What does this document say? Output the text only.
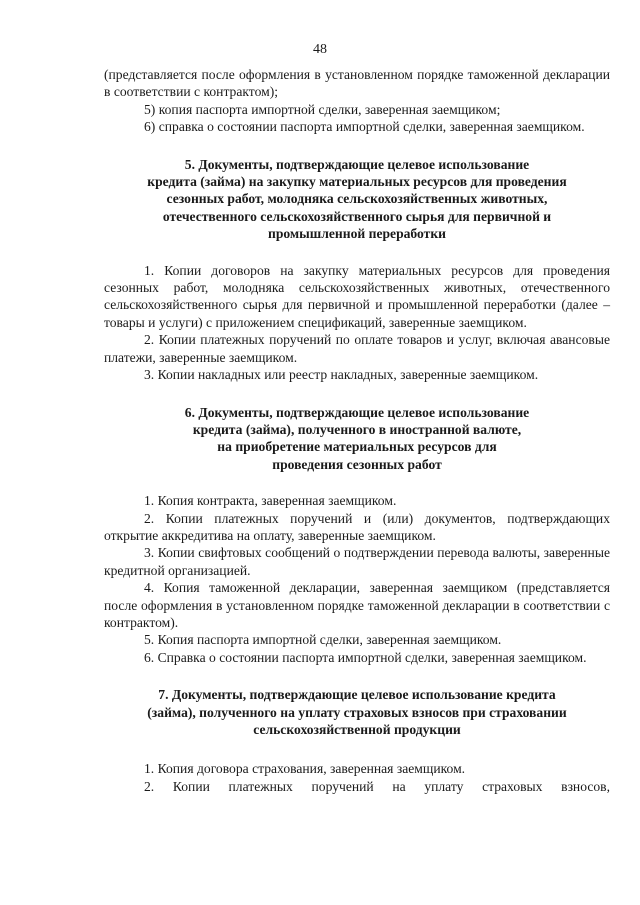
48

(представляется после оформления в установленном порядке таможенной декларации в соответствии с контрактом);

5) копия паспорта импортной сделки, заверенная заемщиком;

6) справка о состоянии паспорта импортной сделки, заверенная заемщиком.

5. Документы, подтверждающие целевое использование
кредита (займа) на закупку материальных ресурсов для проведения
сезонных работ, молодняка сельскохозяйственных животных,
отечественного сельскохозяйственного сырья для первичной и
промышленной переработки

1. Копии договоров на закупку материальных ресурсов для проведения сезонных работ, молодняка сельскохозяйственных животных, отечественного сельскохозяйственного сырья для первичной и промышленной переработки (далее – товары и услуги) с приложением спецификаций, заверенные заемщиком.

2. Копии платежных поручений по оплате товаров и услуг, включая авансовые платежи, заверенные заемщиком.

3. Копии накладных или реестр накладных, заверенные заемщиком.

6. Документы, подтверждающие целевое использование
кредита (займа), полученного в иностранной валюте,
на приобретение материальных ресурсов для
проведения сезонных работ

1. Копия контракта, заверенная заемщиком.

2. Копии платежных поручений и (или) документов, подтверждающих открытие аккредитива на оплату, заверенные заемщиком.

3. Копии свифтовых сообщений о подтверждении перевода валюты, заверенные кредитной организацией.

4. Копия таможенной декларации, заверенная заемщиком (представляется после оформления в установленном порядке таможенной декларации в соответствии с контрактом).

5. Копия паспорта импортной сделки, заверенная заемщиком.

6. Справка о состоянии паспорта импортной сделки, заверенная заемщиком.

7. Документы, подтверждающие целевое использование кредита
(займа), полученного на уплату страховых взносов при страховании
сельскохозяйственной продукции

1. Копия договора страхования, заверенная заемщиком.

2. Копии платежных поручений на уплату страховых взносов,
